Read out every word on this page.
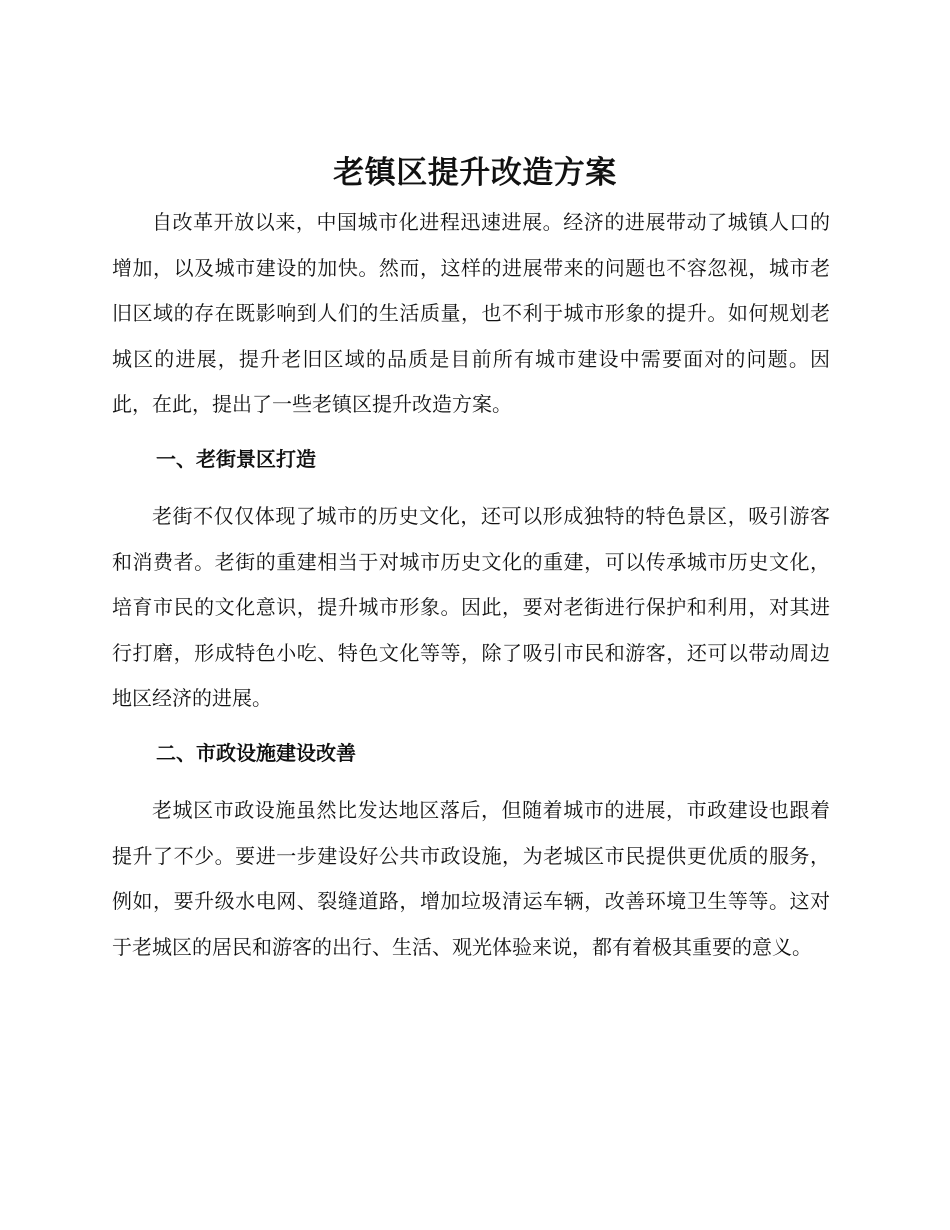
老镇区提升改造方案

自改革开放以来，中国城市化进程迅速进展。经济的进展带动了城镇人口的增加，以及城市建设的加快。然而，这样的进展带来的问题也不容忽视，城市老旧区域的存在既影响到人们的生活质量，也不利于城市形象的提升。如何规划老城区的进展，提升老旧区域的品质是目前所有城市建设中需要面对的问题。因此，在此，提出了一些老镇区提升改造方案。

一、老街景区打造

老街不仅仅体现了城市的历史文化，还可以形成独特的特色景区，吸引游客和消费者。老街的重建相当于对城市历史文化的重建，可以传承城市历史文化，培育市民的文化意识，提升城市形象。因此，要对老街进行保护和利用，对其进行打磨，形成特色小吃、特色文化等等，除了吸引市民和游客，还可以带动周边地区经济的进展。

二、市政设施建设改善

老城区市政设施虽然比发达地区落后，但随着城市的进展，市政建设也跟着提升了不少。要进一步建设好公共市政设施，为老城区市民提供更优质的服务，例如，要升级水电网、裂缝道路，增加垃圾清运车辆，改善环境卫生等等。这对于老城区的居民和游客的出行、生活、观光体验来说，都有着极其重要的意义。
